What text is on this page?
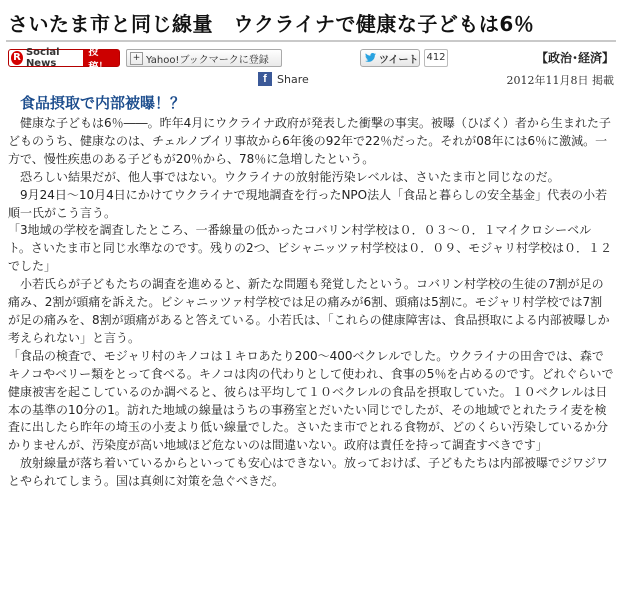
さいたま市と同じ線量　ウクライナで健康な子どもは6％
R Social News
投稿！
+ Yahoo!ブックマークに登録	ツイート 412	【政治･経済】
f Share	2012年11月8日 掲載
食品摂取で内部被曝！？

　健康な子どもは6％――。昨年4月にウクライナ政府が発表した衝撃の事実。被曝（ひばく）者から生まれた子どものうち、健康なのは、チェルノブイリ事故から6年後の92年で22％だった。それが08年には6％に激減。一方で、慢性疾患のある子どもが20％から、78％に急増したという。

　恐ろしい結果だが、他人事ではない。ウクライナの放射能汚染レベルは、さいたま市と同じなのだ。

　9月24日～10月4日にかけてウクライナで現地調査を行ったNPO法人「食品と暮らしの安全基金」代表の小若順一氏がこう言う。

「3地域の学校を調査したところ、一番線量の低かったコバリン村学校は０．０３～０．１マイクロシーベルト。さいたま市と同じ水準なのです。残りの2つ、ビシャニッツァ村学校は０．０９、モジャリ村学校は０．１２でした」

　小若氏らが子どもたちの調査を進めると、新たな問題も発覚したという。コバリン村学校の生徒の7割が足の痛み、2割が頭痛を訴えた。ビシャニッツァ村学校では足の痛みが6割、頭痛は5割に。モジャリ村学校では7割が足の痛みを、8割が頭痛があると答えている。小若氏は、「これらの健康障害は、食品摂取による内部被曝しか考えられない」と言う。

「食品の検査で、モジャリ村のキノコは１キロあたり200～400ベクレルでした。ウクライナの田舎では、森でキノコやベリー類をとって食べる。キノコは肉の代わりとして使われ、食事の5％を占めるのです。どれぐらいで健康被害を起こしているのか調べると、彼らは平均して１０ベクレルの食品を摂取していた。１０ベクレルは日本の基準の10分の1。訪れた地域の線量はうちの事務室とだいたい同じでしたが、その地域でとれたライ麦を検査に出したら昨年の埼玉の小麦より低い線量でした。さいたま市でとれる食物が、どのくらい汚染しているか分かりませんが、汚染度が高い地域ほど危ないのは間違いない。政府は責任を持って調査すべきです」

　放射線量が落ち着いているからといっても安心はできない。放っておけば、子どもたちは内部被曝でジワジワとやられてしまう。国は真剣に対策を急ぐべきだ。
